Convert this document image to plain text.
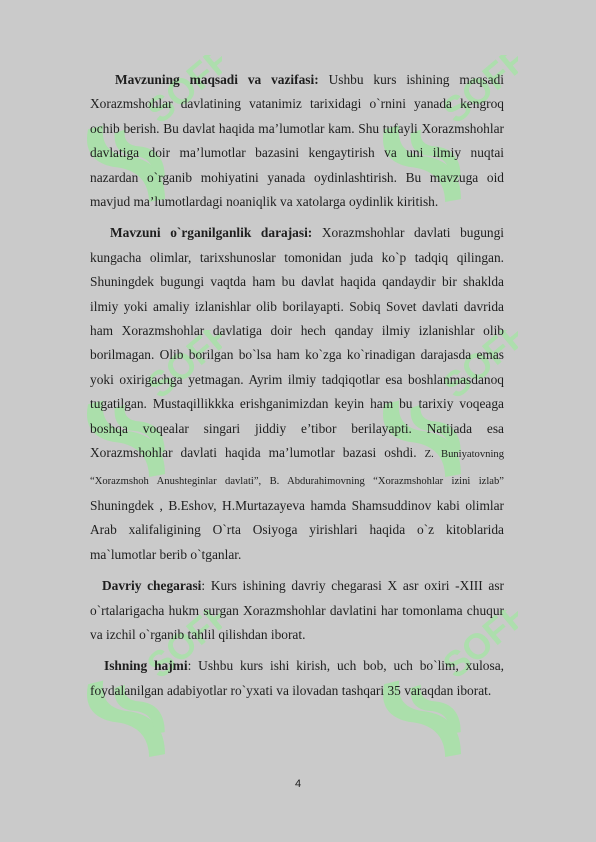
SOFF	SOFF
SOFF	SOFF
SOFF	SOFF

Mavzuning maqsadi va vazifasi: Ushbu kurs ishining maqsadi Xorazmshohlar davlatining vatanimiz tarixidagi o`rnini yanada kengroq ochib berish. Bu davlat haqida ma’lumotlar kam. Shu tufayli Xorazmshohlar davlatiga doir ma’lumotlar bazasini kengaytirish va uni ilmiy nuqtai nazardan o`rganib mohiyatini yanada oydinlashtirish. Bu mavzuga oid mavjud ma’lumotlardagi noaniqlik va xatolarga oydinlik kiritish.

Mavzuni o`rganilganlik darajasi: Xorazmshohlar davlati bugungi kungacha olimlar, tarixshunoslar tomonidan juda ko`p tadqiq qilingan. Shuningdek bugungi vaqtda ham bu davlat haqida qandaydir bir shaklda ilmiy yoki amaliy izlanishlar olib borilayapti. Sobiq Sovet davlati davrida ham Xorazmshohlar davlatiga doir hech qanday ilmiy izlanishlar olib borilmagan. Olib borilgan bo`lsa ham ko`zga ko`rinadigan darajasda emas yoki oxirigachga yetmagan. Ayrim ilmiy tadqiqotlar esa boshlanmasdanoq tugatilgan. Mustaqillikkka erishganimizdan keyin ham bu tarixiy voqeaga boshqa voqealar singari jiddiy e’tibor berilayapti. Natijada esa Xorazmshohlar davlati haqida ma’lumotlar bazasi oshdi. Z. Buniyatovning “Xorazmshoh Anushteginlar davlati”, B. Abdurahimovning “Xorazmshohlar izini izlab” Shuningdek , B.Eshov, H.Murtazayeva hamda Shamsuddinov kabi olimlar Arab xalifaligining O`rta Osiyoga yirishlari haqida o`z kitoblarida ma`lumotlar berib o`tganlar.

Davriy chegarasi: Kurs ishining davriy chegarasi X asr oxiri -XIII asr o`rtalarigacha hukm surgan Xorazmshohlar davlatini har tomonlama chuqur va izchil o`rganib tahlil qilishdan iborat.

Ishning hajmi: Ushbu kurs ishi kirish, uch bob, uch bo`lim, xulosa, foydalanilgan adabiyotlar ro`yxati va ilovadan tashqari 35 varaqdan iborat.

4
